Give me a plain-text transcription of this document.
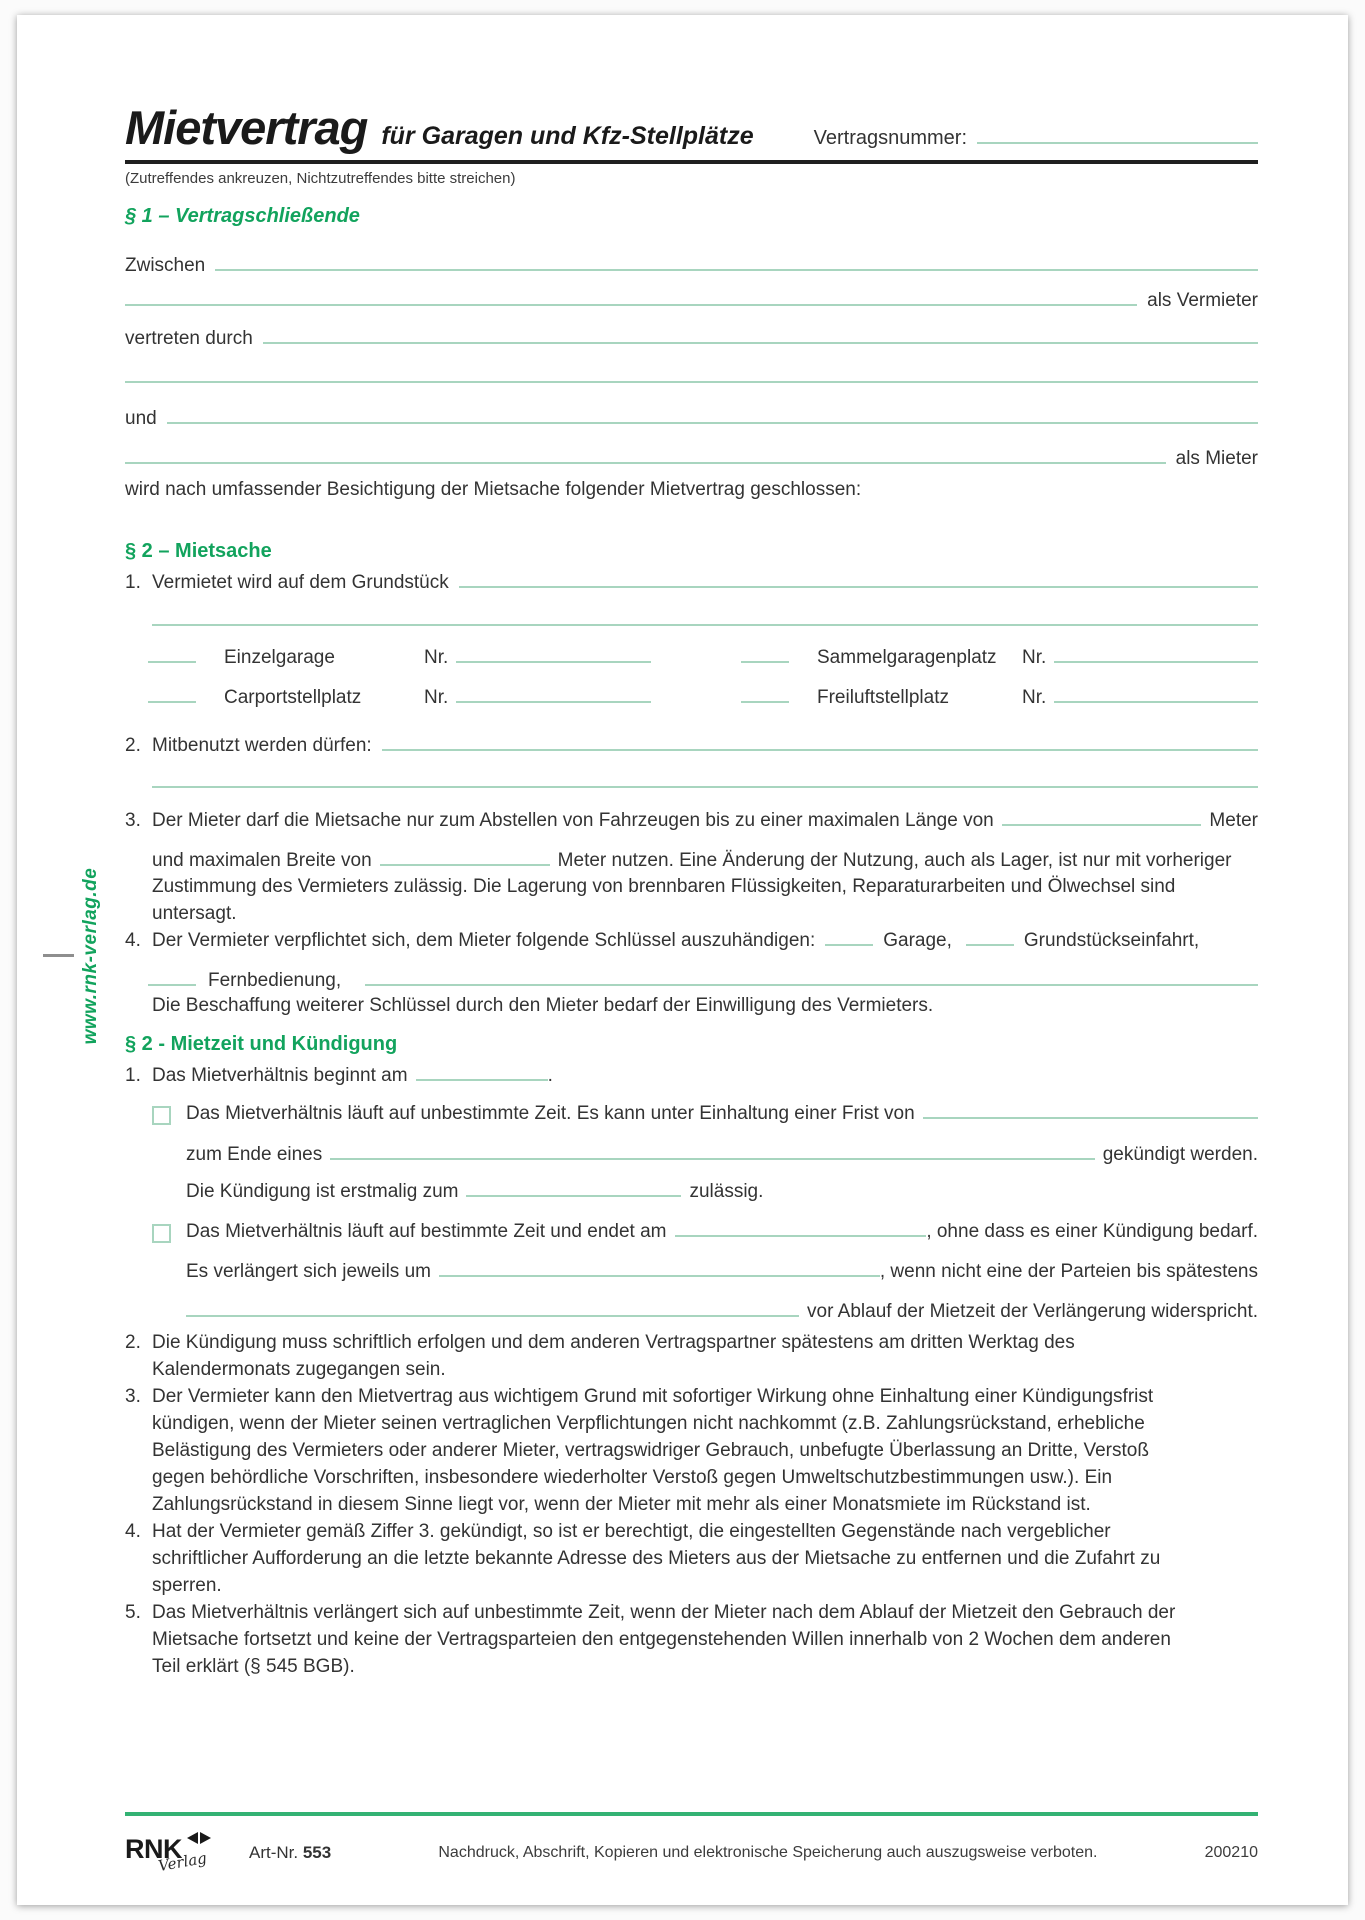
www.rnk-verlag.de
Mietvertrag für Garagen und Kfz-Stellplätze	Vertragsnummer:
(Zutreffendes ankreuzen, Nichtzutreffendes bitte streichen)
§ 1 – Vertragschließende
Zwischen
als Vermieter
vertreten durch
und
als Mieter
wird nach umfassender Besichtigung der Mietsache folgender Mietvertrag geschlossen:
§ 2 – Mietsache
1. Vermietet wird auf dem Grundstück
Einzelgarage	Nr.	Sammelgaragenplatz	Nr.
Carportstellplatz	Nr.	Freiluftstellplatz	Nr.
2. Mitbenutzt werden dürfen:
3. Der Mieter darf die Mietsache nur zum Abstellen von Fahrzeugen bis zu einer maximalen Länge von	Meter
und maximalen Breite von	Meter nutzen. Eine Änderung der Nutzung, auch als Lager, ist nur mit vorheriger
Zustimmung des Vermieters zulässig. Die Lagerung von brennbaren Flüssigkeiten, Reparaturarbeiten und Ölwechsel sind
untersagt.
4. Der Vermieter verpflichtet sich, dem Mieter folgende Schlüssel auszuhändigen:	Garage,	Grundstückseinfahrt,
Fernbedienung,
Die Beschaffung weiterer Schlüssel durch den Mieter bedarf der Einwilligung des Vermieters.
§ 2 - Mietzeit und Kündigung
1. Das Mietverhältnis beginnt am	.
Das Mietverhältnis läuft auf unbestimmte Zeit. Es kann unter Einhaltung einer Frist von
zum Ende eines	gekündigt werden.
Die Kündigung ist erstmalig zum	zulässig.
Das Mietverhältnis läuft auf bestimmte Zeit und endet am	, ohne dass es einer Kündigung bedarf.
Es verlängert sich jeweils um	, wenn nicht eine der Parteien bis spätestens
vor Ablauf der Mietzeit der Verlängerung widerspricht.
2. Die Kündigung muss schriftlich erfolgen und dem anderen Vertragspartner spätestens am dritten Werktag des
Kalendermonats zugegangen sein.
3. Der Vermieter kann den Mietvertrag aus wichtigem Grund mit sofortiger Wirkung ohne Einhaltung einer Kündigungsfrist
kündigen, wenn der Mieter seinen vertraglichen Verpflichtungen nicht nachkommt (z.B. Zahlungsrückstand, erhebliche
Belästigung des Vermieters oder anderer Mieter, vertragswidriger Gebrauch, unbefugte Überlassung an Dritte, Verstoß
gegen behördliche Vorschriften, insbesondere wiederholter Verstoß gegen Umweltschutzbestimmungen usw.). Ein
Zahlungsrückstand in diesem Sinne liegt vor, wenn der Mieter mit mehr als einer Monatsmiete im Rückstand ist.
4. Hat der Vermieter gemäß Ziffer 3. gekündigt, so ist er berechtigt, die eingestellten Gegenstände nach vergeblicher
schriftlicher Aufforderung an die letzte bekannte Adresse des Mieters aus der Mietsache zu entfernen und die Zufahrt zu
sperren.
5. Das Mietverhältnis verlängert sich auf unbestimmte Zeit, wenn der Mieter nach dem Ablauf der Mietzeit den Gebrauch der
Mietsache fortsetzt und keine der Vertragsparteien den entgegenstehenden Willen innerhalb von 2 Wochen dem anderen
Teil erklärt (§ 545 BGB).
RNK
Verlag Art-Nr. 553	Nachdruck, Abschrift, Kopieren und elektronische Speicherung auch auszugsweise verboten.	200210
